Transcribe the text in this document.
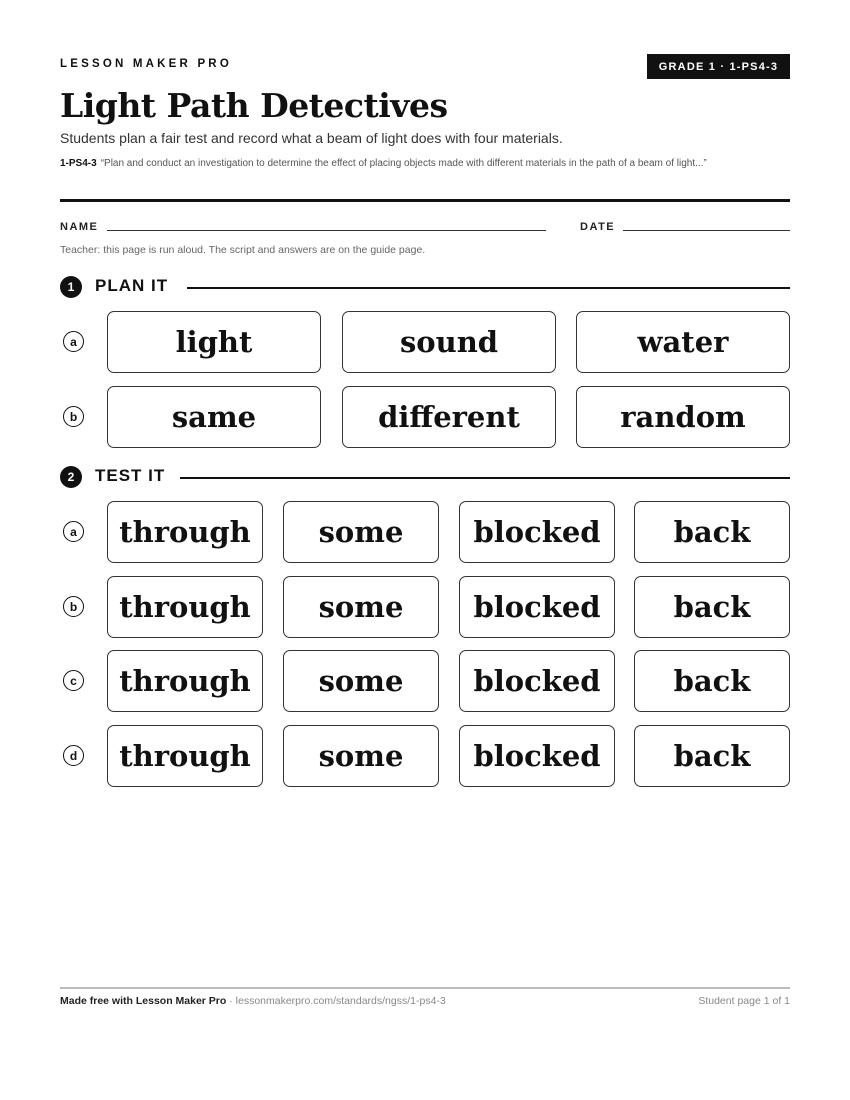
LESSON MAKER PRO	GRADE 1 · 1-PS4-3
Light Path Detectives
Students plan a fair test and record what a beam of light does with four materials.
1-PS4-3 “Plan and conduct an investigation to determine the effect of placing objects made with different materials in the path of a beam of light...”
NAME	DATE
Teacher: this page is run aloud. The script and answers are on the guide page.
1	PLAN IT
a	light	sound	water
b	same	different	random
2	TEST IT
a	through	some	blocked	back
b	through	some	blocked	back
c	through	some	blocked	back
d	through	some	blocked	back
Made free with Lesson Maker Pro · lessonmakerpro.com/standards/ngss/1-ps4-3	Student page 1 of 1
